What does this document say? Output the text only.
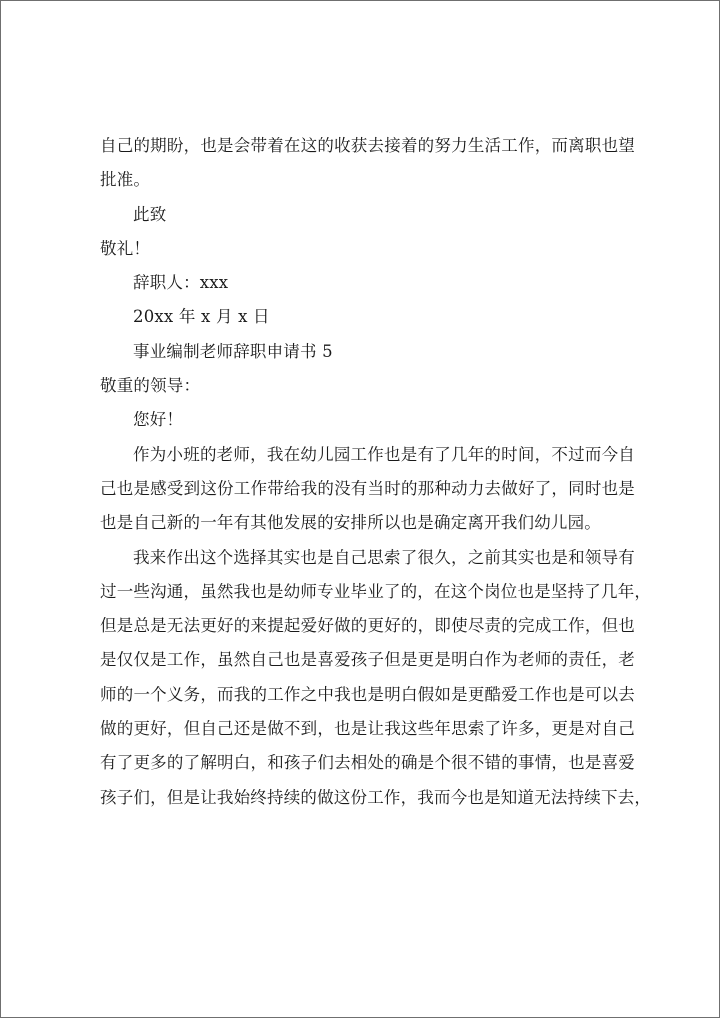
自己的期盼，也是会带着在这的收获去接着的努力生活工作，而离职也望
批准。
此致
敬礼！
辞职人：xxx
20xx 年 x 月 x 日
事业编制老师辞职申请书 5
敬重的领导：
您好！
作为小班的老师，我在幼儿园工作也是有了几年的时间，不过而今自
己也是感受到这份工作带给我的没有当时的那种动力去做好了，同时也是
也是自己新的一年有其他发展的安排所以也是确定离开我们幼儿园。
我来作出这个选择其实也是自己思索了很久，之前其实也是和领导有
过一些沟通，虽然我也是幼师专业毕业了的，在这个岗位也是坚持了几年，
但是总是无法更好的来提起爱好做的更好的，即使尽责的完成工作，但也
是仅仅是工作，虽然自己也是喜爱孩子但是更是明白作为老师的责任，老
师的一个义务，而我的工作之中我也是明白假如是更酷爱工作也是可以去
做的更好，但自己还是做不到，也是让我这些年思索了许多，更是对自己
有了更多的了解明白，和孩子们去相处的确是个很不错的事情，也是喜爱
孩子们，但是让我始终持续的做这份工作，我而今也是知道无法持续下去，
